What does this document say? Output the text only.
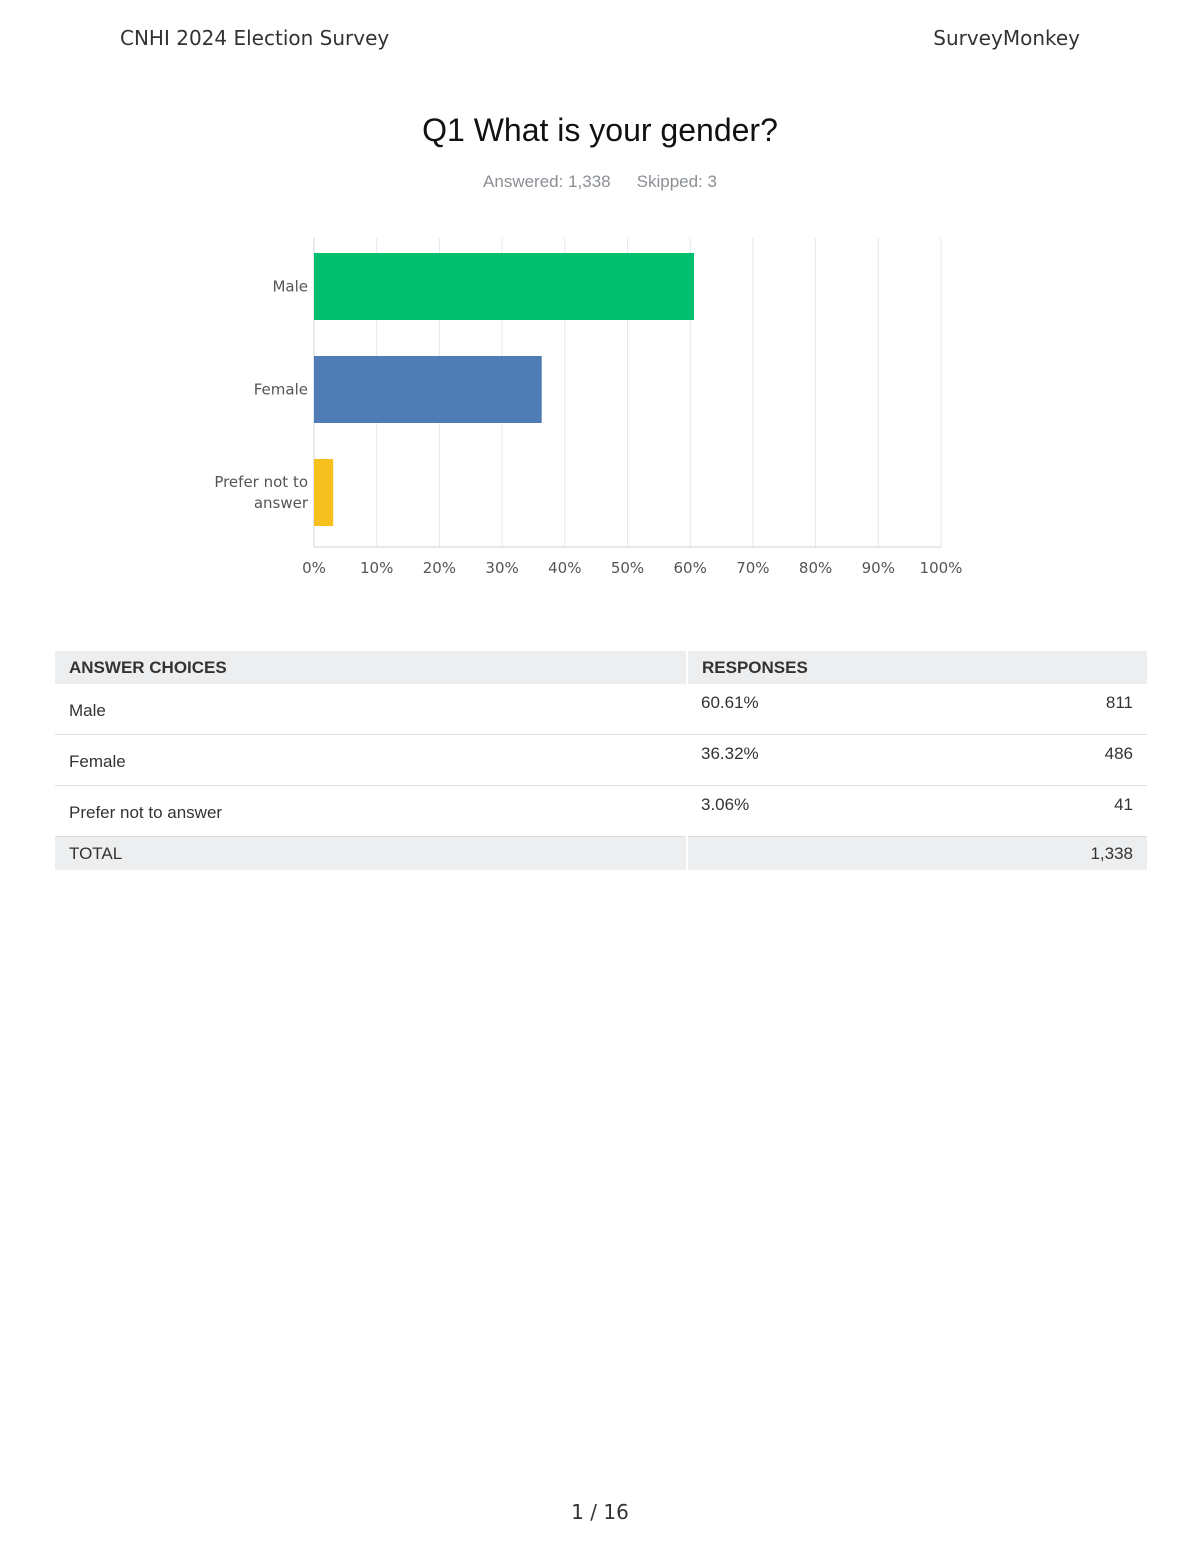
CNHI 2024 Election Survey	SurveyMonkey
Q1 What is your gender?
Answered: 1,338 Skipped: 3
0% 10% 20% 30% 40% 50% 60% 70% 80% 90% 100%
Male
Female
Prefer not to
answer
ANSWER CHOICES	RESPONSES	
Male	60.61%	811
Female	36.32%	486
Prefer not to answer	3.06%	41
TOTAL		1,338
1 / 16
